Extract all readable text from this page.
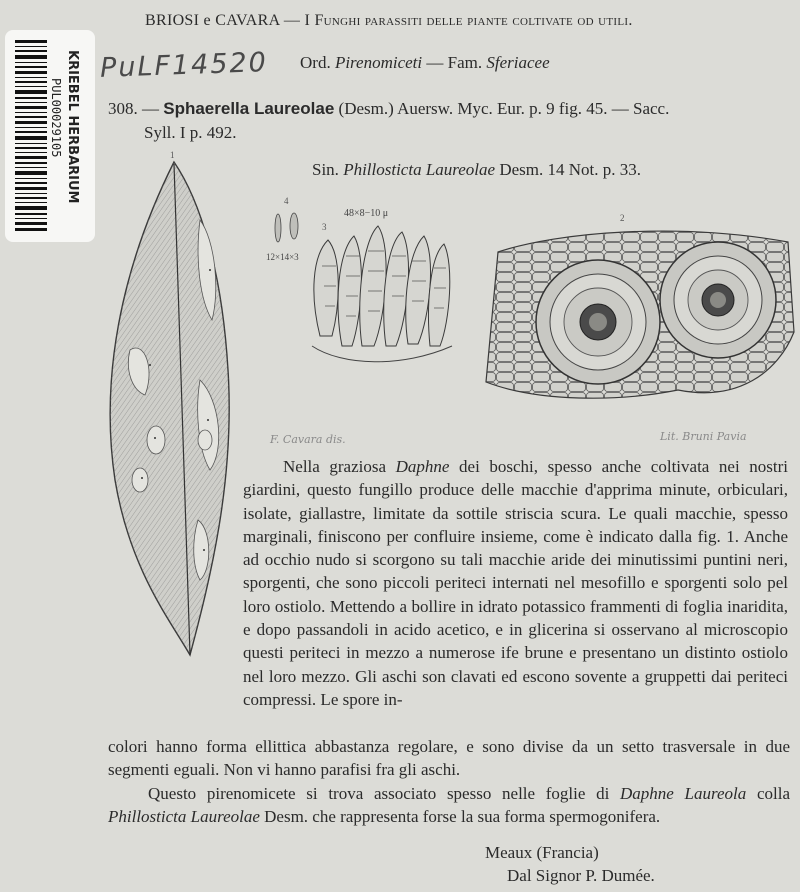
BRIOSI e CAVARA — I Funghi parassiti delle piante coltivate od utili.
PuLF14520 Ord. Pirenomiceti — Fam. Sferiacee
308. — Sphaerella Laureolae (Desm.) Auersw. Myc. Eur. p. 9 fig. 45. — Sacc.
Syll. I p. 492.
Sin. Phillosticta Laureolae Desm. 14 Not. p. 33.
KRIEBEL HERBARIUM
PUL00029105	1
4
12×14×3
48×8−10 μ
3
2
F. Cavara dis.	Lit. Bruni Pavia

Nella graziosa Daphne dei boschi, spesso anche coltivata nei nostri giardini, questo fungillo produce delle macchie d'apprima minute, orbiculari, isolate, giallastre, limitate da sottile striscia scura. Le quali macchie, spesso marginali, finiscono per confluire insieme, come è indicato dalla fig. 1. Anche ad occhio nudo si scorgono su tali macchie aride dei minutissimi puntini neri, sporgenti, che sono piccoli periteci internati nel mesofillo e sporgenti solo pel loro ostiolo. Mettendo a bollire in idrato potassico frammenti di foglia inaridita, e dopo passandoli in acido acetico, e in glicerina si osservano al microscopio questi periteci in mezzo a numerose ife brune e presentano un distinto ostiolo nel loro mezzo. Gli aschi son clavati ed escono sovente a gruppetti dai periteci compressi. Le spore in-

colori hanno forma ellittica abbastanza regolare, e sono divise da un setto trasversale in due segmenti eguali. Non vi hanno parafisi fra gli aschi.

Questo pirenomicete si trova associato spesso nelle foglie di Daphne Laureola colla Phillosticta Laureolae Desm. che rappresenta forse la sua forma spermogonifera.

Meaux (Francia)
Dal Signor P. Dumée.
